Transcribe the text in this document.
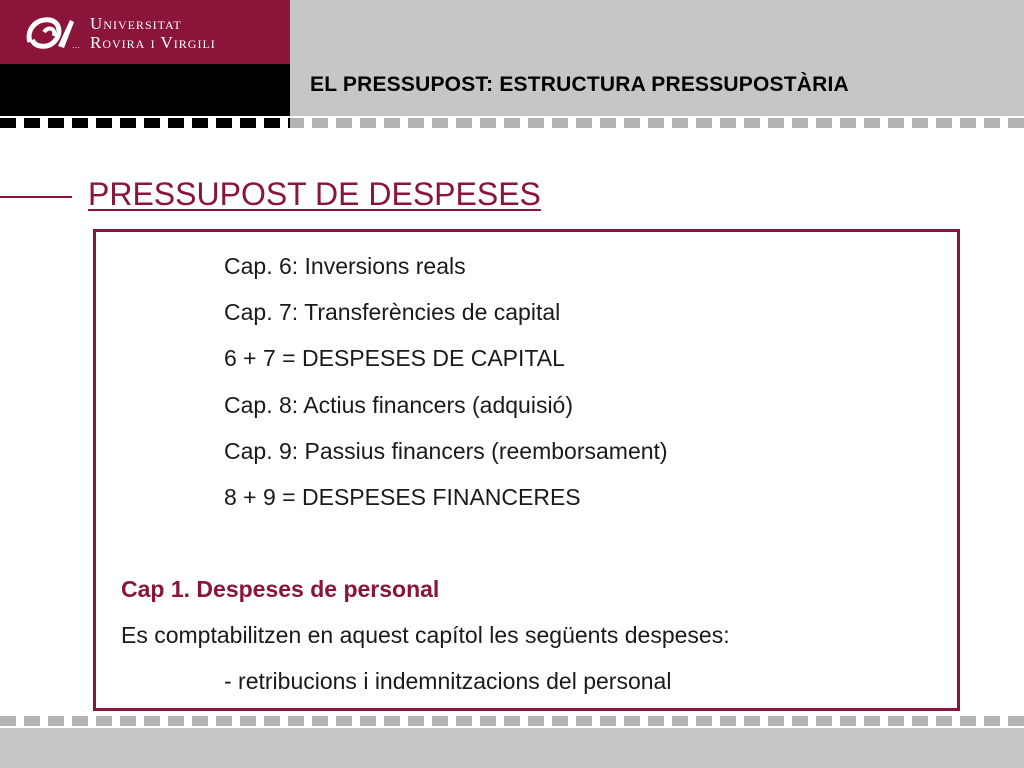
···
Universitat
Rovira i Virgili
EL PRESSUPOST: ESTRUCTURA PRESSUPOSTÀRIA
PRESSUPOST DE DESPESES
Cap. 6: Inversions reals
Cap. 7: Transferències de capital
6 + 7 = DESPESES DE CAPITAL
Cap. 8: Actius financers (adquisió)
Cap. 9: Passius financers (reemborsament)
8 + 9 = DESPESES FINANCERES
Cap 1. Despeses de personal
Es comptabilitzen en aquest capítol les següents despeses:
- retribucions i indemnitzacions del personal
